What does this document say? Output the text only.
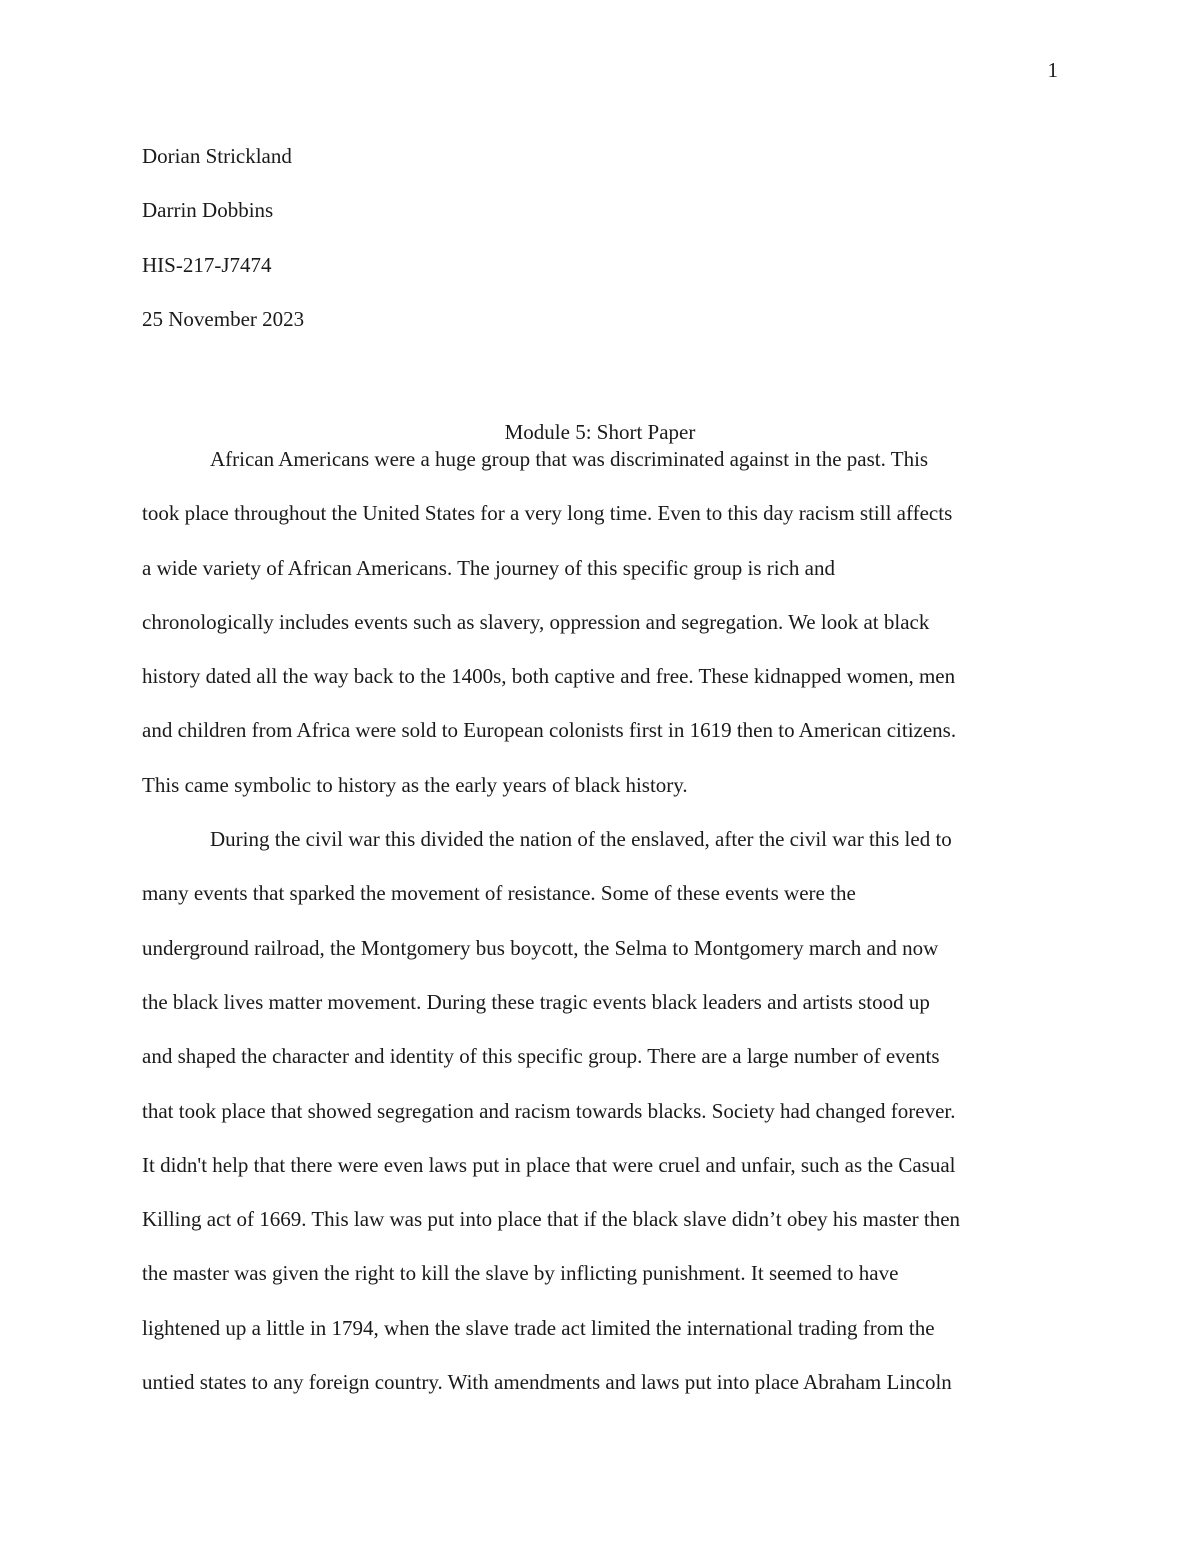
1
Dorian Strickland
Darrin Dobbins
HIS-217-J7474
25 November 2023
Module 5: Short Paper
African Americans were a huge group that was discriminated against in the past. This
took place throughout the United States for a very long time. Even to this day racism still affects
a wide variety of African Americans. The journey of this specific group is rich and
chronologically includes events such as slavery, oppression and segregation. We look at black
history dated all the way back to the 1400s, both captive and free. These kidnapped women, men
and children from Africa were sold to European colonists first in 1619 then to American citizens.
This came symbolic to history as the early years of black history.
During the civil war this divided the nation of the enslaved, after the civil war this led to
many events that sparked the movement of resistance. Some of these events were the
underground railroad, the Montgomery bus boycott, the Selma to Montgomery march and now
the black lives matter movement. During these tragic events black leaders and artists stood up
and shaped the character and identity of this specific group. There are a large number of events
that took place that showed segregation and racism towards blacks. Society had changed forever.
It didn't help that there were even laws put in place that were cruel and unfair, such as the Casual
Killing act of 1669. This law was put into place that if the black slave didn’t obey his master then
the master was given the right to kill the slave by inflicting punishment. It seemed to have
lightened up a little in 1794, when the slave trade act limited the international trading from the
untied states to any foreign country. With amendments and laws put into place Abraham Lincoln
